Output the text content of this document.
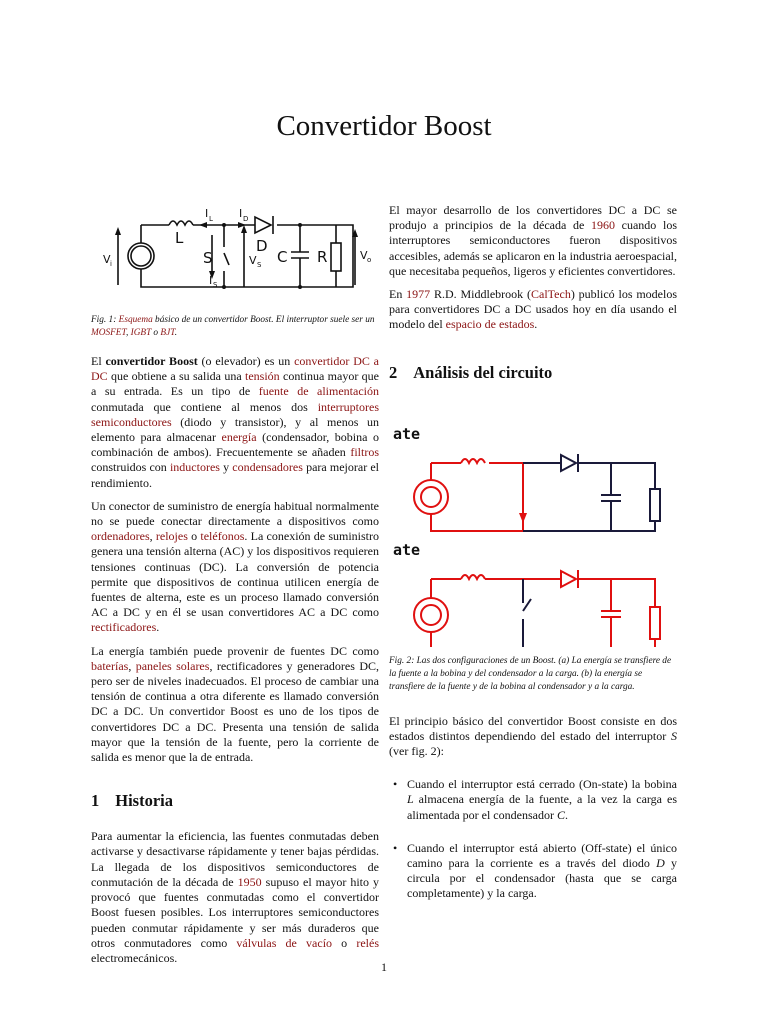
Convertidor Boost
L
S
D
C R
I L I D
V i	V S
I S
V o

Fig. 1: Esquema básico de un convertidor Boost. El interruptor suele ser un MOSFET, IGBT o BJT.

El convertidor Boost (o elevador) es un convertidor DC a DC que obtiene a su salida una tensión continua mayor que a su entrada. Es un tipo de fuente de alimentación conmutada que contiene al menos dos interruptores semiconductores (diodo y transistor), y al menos un elemento para almacenar energía (condensador, bobina o combinación de ambos). Frecuentemente se añaden filtros construidos con inductores y condensadores para mejorar el rendimiento.

Un conector de suministro de energía habitual normalmente no se puede conectar directamente a dispositivos como ordenadores, relojes o teléfonos. La conexión de suministro genera una tensión alterna (AC) y los dispositivos requieren tensiones continuas (DC). La conversión de potencia permite que dispositivos de continua utilicen energía de fuentes de alterna, este es un proceso llamado conversión AC a DC y en él se usan convertidores AC a DC como rectificadores.

La energía también puede provenir de fuentes DC como baterías, paneles solares, rectificadores y generadores DC, pero ser de niveles inadecuados. El proceso de cambiar una tensión de continua a otra diferente es llamado conversión DC a DC. Un convertidor Boost es uno de los tipos de convertidores DC a DC. Presenta una tensión de salida mayor que la tensión de la fuente, pero la corriente de salida es menor que la de entrada.

1 Historia

Para aumentar la eficiencia, las fuentes conmutadas deben activarse y desactivarse rápidamente y tener bajas pérdidas. La llegada de los dispositivos semiconductores de conmutación de la década de 1950 supuso el mayor hito y provocó que fuentes conmutadas como el convertidor Boost fuesen posibles. Los interruptores semiconductores pueden conmutar rápidamente y ser más duraderos que otros conmutadores como válvulas de vacío o relés electromecánicos.

El mayor desarrollo de los convertidores DC a DC se produjo a principios de la década de 1960 cuando los interruptores semiconductores fueron dispositivos accesibles, además se aplicaron en la industria aeroespacial, que necesitaba pequeños, ligeros y eficientes convertidores.

En 1977 R.D. Middlebrook (CalTech) publicó los modelos para convertidores DC a DC usados hoy en día usando el modelo del espacio de estados.

2 Análisis del circuito
ate
ate

Fig. 2: Las dos configuraciones de un Boost. (a) La energía se transfiere de la fuente a la bobina y del condensador a la carga. (b) la energía se transfiere de la fuente y de la bobina al condensador y a la carga.

El principio básico del convertidor Boost consiste en dos estados distintos dependiendo del estado del interruptor S (ver fig. 2):

• Cuando el interruptor está cerrado (On-state) la bobina L almacena energía de la fuente, a la vez la carga es alimentada por el condensador C.
• Cuando el interruptor está abierto (Off-state) el único camino para la corriente es a través del diodo D y circula por el condensador (hasta que se carga completamente) y la carga.
1
